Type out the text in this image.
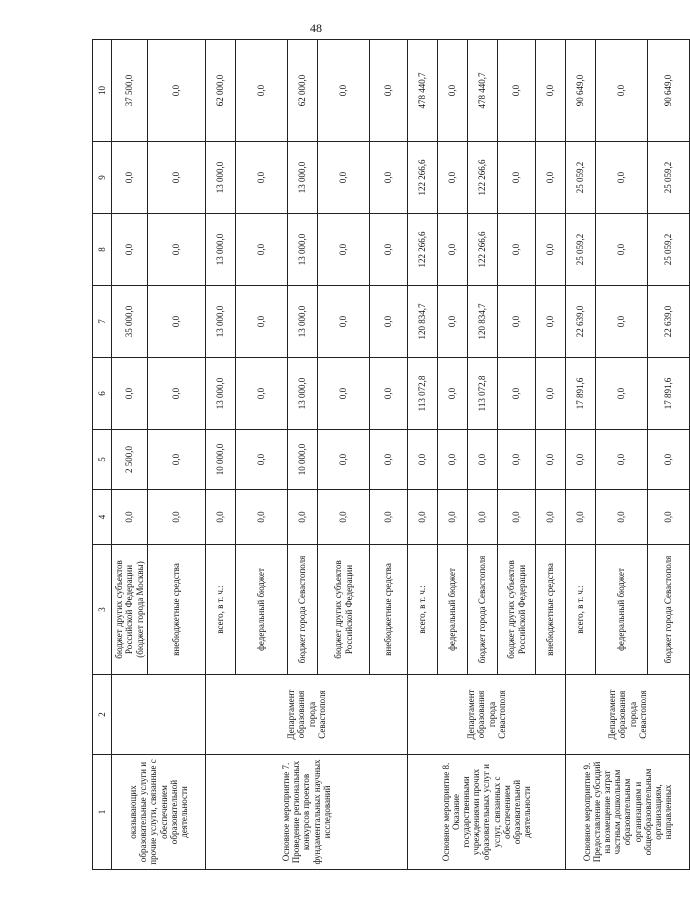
48
1	2	3	4	5	6	7	8	9	10
оказывающих образовательные услуги и прочие услуги, связанные с обеспечением образовательной деятельности		бюджет других субъектов Российской Федерации (бюджет города Москвы)	0,0	2 500,0	0,0	35 000,0	0,0	0,0	37 500,0
		внебюджетные средства	0,0	0,0	0,0	0,0	0,0	0,0	0,0
Основное мероприятие 7. Проведение региональных конкурсов проектов фундаментальных научных исследований	Департамент образования города Севастополя	всего, в т. ч.:	0,0	10 000,0	13 000,0	13 000,0	13 000,0	13 000,0	62 000,0
		федеральный бюджет	0,0	0,0	0,0	0,0	0,0	0,0	0,0
		бюджет города Севастополя	0,0	10 000,0	13 000,0	13 000,0	13 000,0	13 000,0	62 000,0
		бюджет других субъектов Российской Федерации	0,0	0,0	0,0	0,0	0,0	0,0	0,0
		внебюджетные средства	0,0	0,0	0,0	0,0	0,0	0,0	0,0
Основное мероприятие 8. Оказание государственными учреждениями прочих образовательных услуг и услуг, связанных с обеспечением образовательной деятельности	Департамент образования города Севастополя	всего, в т. ч.:	0,0	0,0	113 072,8	120 834,7	122 266,6	122 266,6	478 440,7
		федеральный бюджет	0,0	0,0	0,0	0,0	0,0	0,0	0,0
		бюджет города Севастополя	0,0	0,0	113 072,8	120 834,7	122 266,6	122 266,6	478 440,7
		бюджет других субъектов Российской Федерации	0,0	0,0	0,0	0,0	0,0	0,0	0,0
		внебюджетные средства	0,0	0,0	0,0	0,0	0,0	0,0	0,0
Основное мероприятие 9. Предоставление субсидий на возмещение затрат частным дошкольным образовательным организациям и общеобразовательным организациям, направленных	Департамент образования города Севастополя	всего, в т. ч.:	0,0	0,0	17 891,6	22 639,0	25 059,2	25 059,2	90 649,0
		федеральный бюджет	0,0	0,0	0,0	0,0	0,0	0,0	0,0
		бюджет города Севастополя	0,0	0,0	17 891,6	22 639,0	25 059,2	25 059,2	90 649,0
